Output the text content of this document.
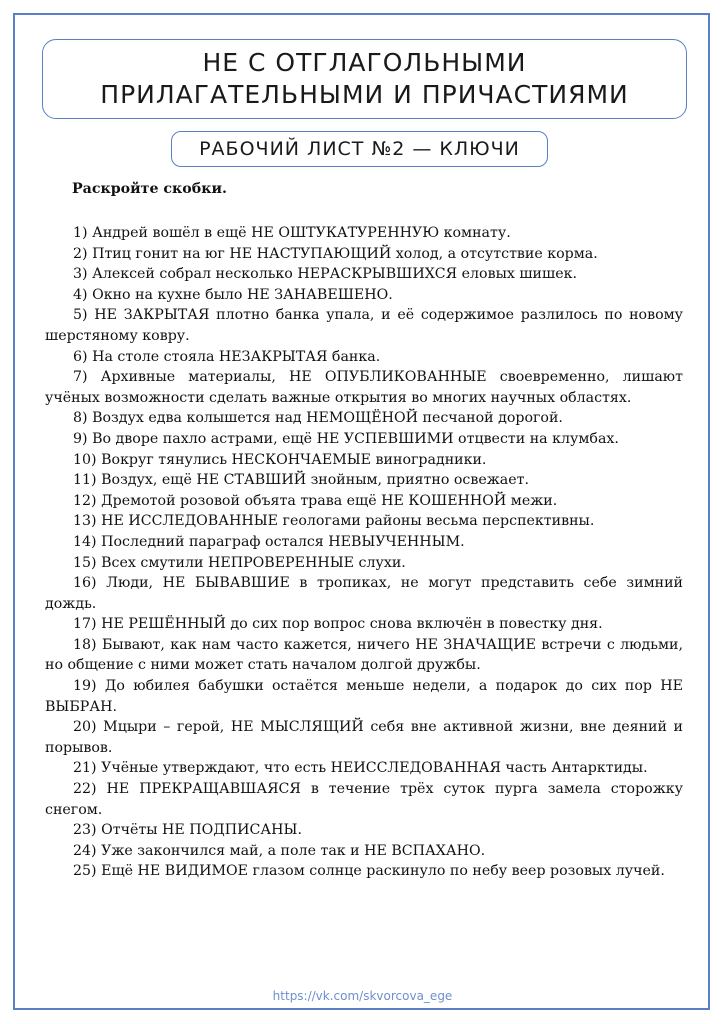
НЕ С ОТГЛАГОЛЬНЫМИ ПРИЛАГАТЕЛЬНЫМИ И ПРИЧАСТИЯМИ
РАБОЧИЙ ЛИСТ №2 — КЛЮЧИ
Раскройте скобки.

1) Андрей вошёл в ещё НЕ ОШТУКАТУРЕННУЮ комнату.

2) Птиц гонит на юг НЕ НАСТУПАЮЩИЙ холод, а отсутствие корма.

3) Алексей собрал несколько НЕРАСКРЫВШИХСЯ еловых шишек.

4) Окно на кухне было НЕ ЗАНАВЕШЕНО.

5) НЕ ЗАКРЫТАЯ плотно банка упала, и её содержимое разлилось по новому шерстяному ковру.

6) На столе стояла НЕЗАКРЫТАЯ банка.

7) Архивные материалы, НЕ ОПУБЛИКОВАННЫЕ своевременно, лишают учёных возможности сделать важные открытия во многих научных областях.

8) Воздух едва колышется над НЕМОЩЁНОЙ песчаной дорогой.

9) Во дворе пахло астрами, ещё НЕ УСПЕВШИМИ отцвести на клумбах.

10) Вокруг тянулись НЕСКОНЧАЕМЫЕ виноградники.

11) Воздух, ещё НЕ СТАВШИЙ знойным, приятно освежает.

12) Дремотой розовой объята трава ещё НЕ КОШЕННОЙ межи.

13) НЕ ИССЛЕДОВАННЫЕ геологами районы весьма перспективны.

14) Последний параграф остался НЕВЫУЧЕННЫМ.

15) Всех смутили НЕПРОВЕРЕННЫЕ слухи.

16) Люди, НЕ БЫВАВШИЕ в тропиках, не могут представить себе зимний дождь.

17) НЕ РЕШЁННЫЙ до сих пор вопрос снова включён в повестку дня.

18) Бывают, как нам часто кажется, ничего НЕ ЗНАЧАЩИЕ встречи с людьми, но общение с ними может стать началом долгой дружбы.

19) До юбилея бабушки остаётся меньше недели, а подарок до сих пор НЕ ВЫБРАН.

20) Мцыри – герой, НЕ МЫСЛЯЩИЙ себя вне активной жизни, вне деяний и порывов.

21) Учёные утверждают, что есть НЕИССЛЕДОВАННАЯ часть Антарктиды.

22) НЕ ПРЕКРАЩАВШАЯСЯ в течение трёх суток пурга замела сторожку снегом.

23) Отчёты НЕ ПОДПИСАНЫ.

24) Уже закончился май, а поле так и НЕ ВСПАХАНО.

25) Ещё НЕ ВИДИМОЕ глазом солнце раскинуло по небу веер розовых лучей.

https://vk.com/skvorcova_ege
